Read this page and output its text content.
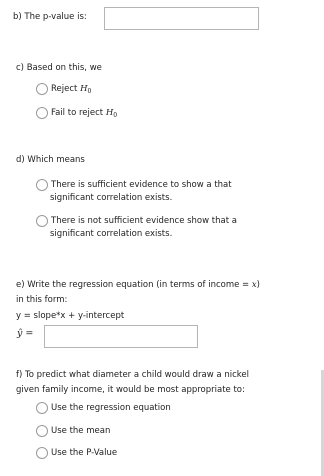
b) The p-value is:
c) Based on this, we
Reject $H_0$
Fail to reject $H_0$
d) Which means
There is sufficient evidence to show a that
significant correlation exists.
There is not sufficient evidence show that a
significant correlation exists.
e) Write the regression equation (in terms of income = x)
in this form:
y = slope*x + y-intercept
ŷ =
f) To predict what diameter a child would draw a nickel
given family income, it would be most appropriate to:
Use the regression equation
Use the mean
Use the P-Value
